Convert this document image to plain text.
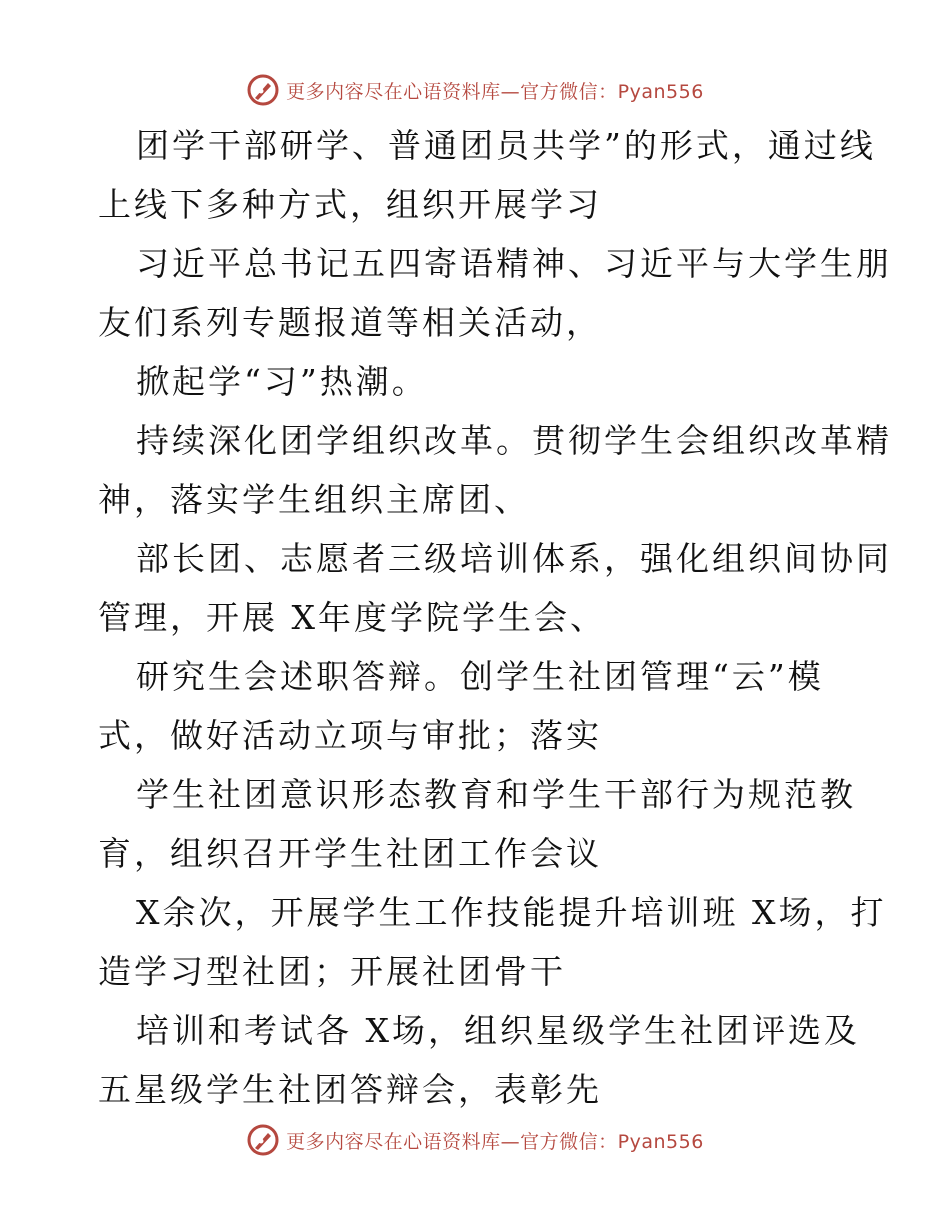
更多内容尽在心语资料库—官方微信：Pyan556

团学干部研学、普通团员共学”的形式，通过线
上线下多种方式，组织开展学习

习近平总书记五四寄语精神、习近平与大学生朋
友们系列专题报道等相关活动，

掀起学“习”热潮。

持续深化团学组织改革。贯彻学生会组织改革精
神，落实学生组织主席团、

部长团、志愿者三级培训体系，强化组织间协同
管理，开展 X年度学院学生会、

研究生会述职答辩。创学生社团管理“云”模
式，做好活动立项与审批；落实

学生社团意识形态教育和学生干部行为规范教
育，组织召开学生社团工作会议

X余次，开展学生工作技能提升培训班 X场，打
造学习型社团；开展社团骨干

培训和考试各 X场，组织星级学生社团评选及
五星级学生社团答辩会，表彰先

更多内容尽在心语资料库—官方微信：Pyan556
